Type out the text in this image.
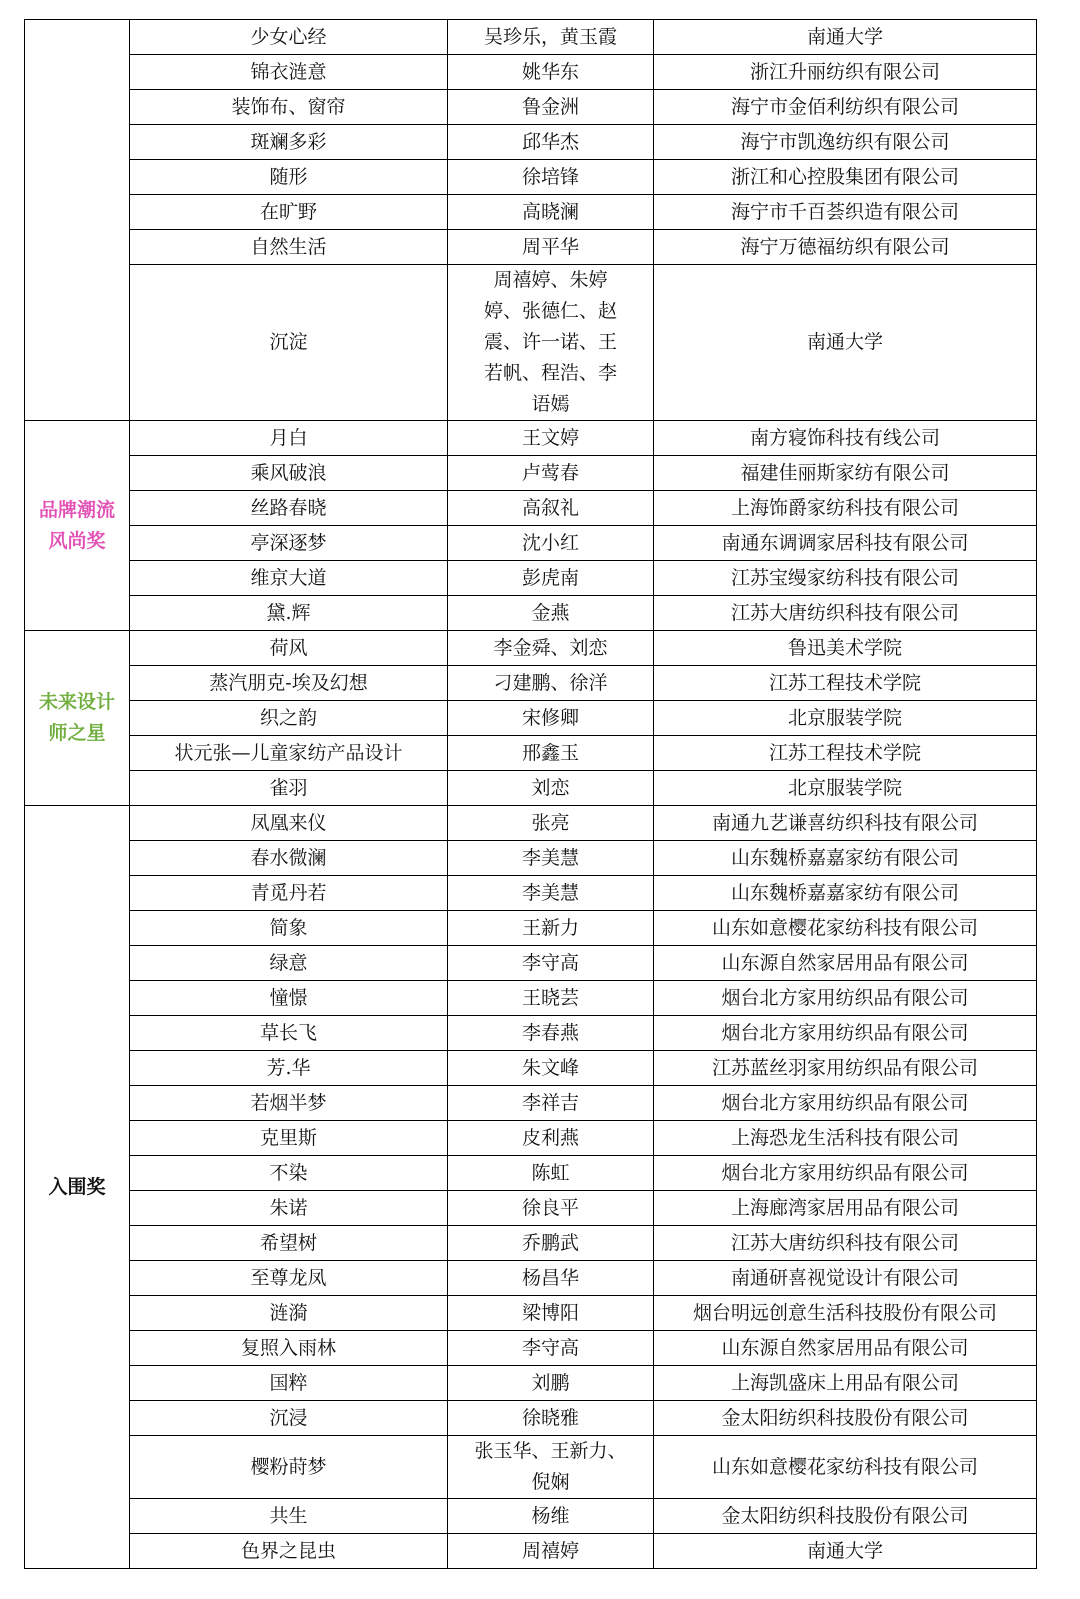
	少女心经	吴珍乐，黄玉霞	南通大学
	锦衣涟意	姚华东	浙江升丽纺织有限公司
	装饰布、窗帘	鲁金洲	海宁市金佰利纺织有限公司
	斑斓多彩	邱华杰	海宁市凯逸纺织有限公司
	随形	徐培锋	浙江和心控股集团有限公司
	在旷野	高晓澜	海宁市千百荟织造有限公司
	自然生活	周平华	海宁万德福纺织有限公司
	沉淀	周禧婷、朱婷婷、张德仁、赵震、许一诺、王若帆、程浩、李语嫣	南通大学
品牌潮流风尚奖	月白	王文婷	南方寝饰科技有线公司
	乘风破浪	卢莺春	福建佳丽斯家纺有限公司
	丝路春晓	高叙礼	上海饰爵家纺科技有限公司
	亭深逐梦	沈小红	南通东调调家居科技有限公司
	维京大道	彭虎南	江苏宝缦家纺科技有限公司
	黛.辉	金燕	江苏大唐纺织科技有限公司
未来设计师之星	荷风	李金舜、刘恋	鲁迅美术学院
	蒸汽朋克-埃及幻想	刁建鹏、徐洋	江苏工程技术学院
	织之韵	宋修卿	北京服装学院
	状元张—儿童家纺产品设计	邢鑫玉	江苏工程技术学院
	雀羽	刘恋	北京服装学院
入围奖	凤凰来仪	张亮	南通九艺谦喜纺织科技有限公司
	春水微澜	李美慧	山东魏桥嘉嘉家纺有限公司
	青觅丹若	李美慧	山东魏桥嘉嘉家纺有限公司
	简象	王新力	山东如意樱花家纺科技有限公司
	绿意	李守高	山东源自然家居用品有限公司
	憧憬	王晓芸	烟台北方家用纺织品有限公司
	草长飞	李春燕	烟台北方家用纺织品有限公司
	芳.华	朱文峰	江苏蓝丝羽家用纺织品有限公司
	若烟半梦	李祥吉	烟台北方家用纺织品有限公司
	克里斯	皮利燕	上海恐龙生活科技有限公司
	不染	陈虹	烟台北方家用纺织品有限公司
	朱诺	徐良平	上海廊湾家居用品有限公司
	希望树	乔鹏武	江苏大唐纺织科技有限公司
	至尊龙凤	杨昌华	南通研喜视觉设计有限公司
	涟漪	梁博阳	烟台明远创意生活科技股份有限公司
	复照入雨林	李守高	山东源自然家居用品有限公司
	国粹	刘鹏	上海凯盛床上用品有限公司
	沉浸	徐晓雅	金太阳纺织科技股份有限公司
	樱粉莳梦	张玉华、王新力、倪娴	山东如意樱花家纺科技有限公司
	共生	杨维	金太阳纺织科技股份有限公司
	色界之昆虫	周禧婷	南通大学
